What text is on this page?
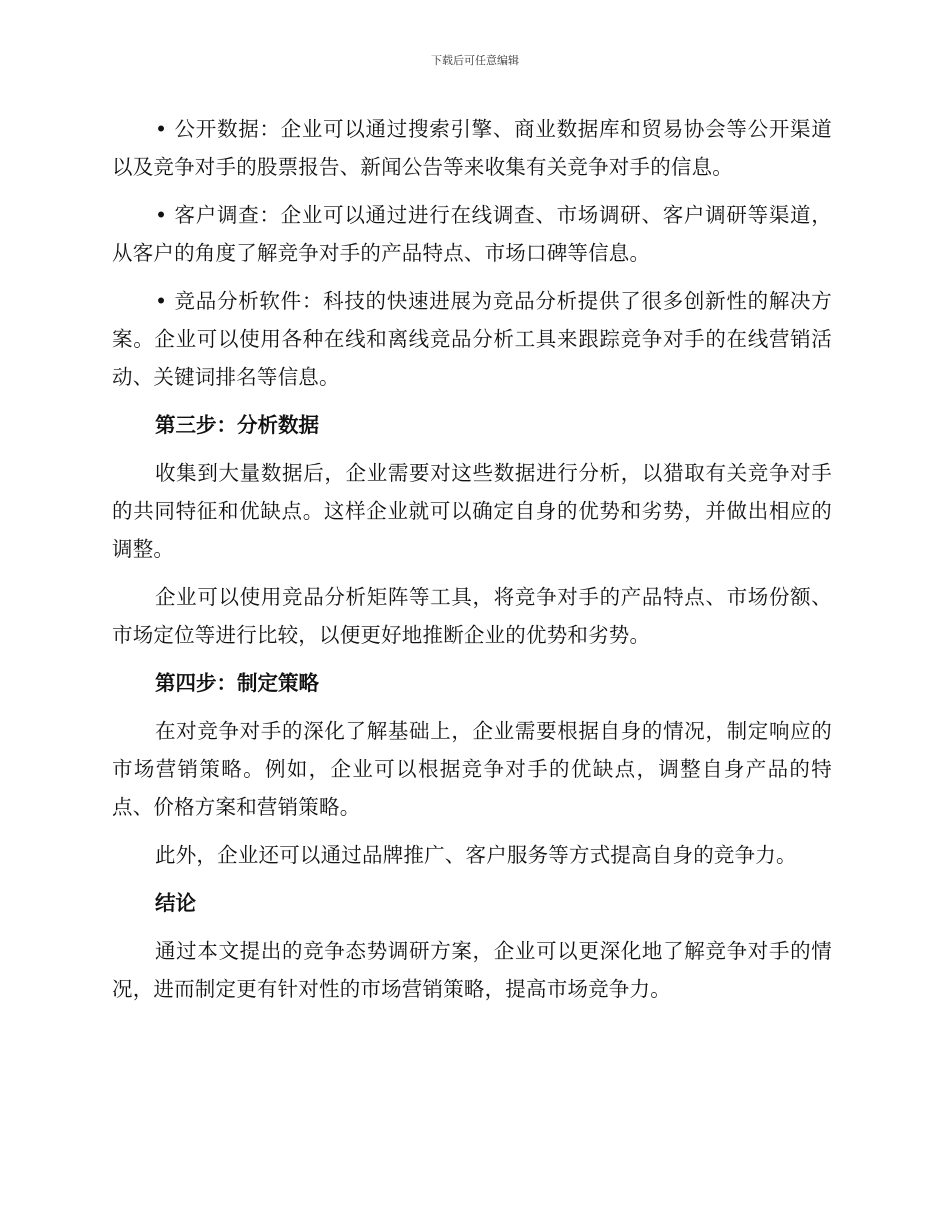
下载后可任意编辑

• 公开数据：企业可以通过搜索引擎、商业数据库和贸易协会等公开渠道以及竞争对手的股票报告、新闻公告等来收集有关竞争对手的信息。

• 客户调查：企业可以通过进行在线调查、市场调研、客户调研等渠道，从客户的角度了解竞争对手的产品特点、市场口碑等信息。

• 竞品分析软件：科技的快速进展为竞品分析提供了很多创新性的解决方案。企业可以使用各种在线和离线竞品分析工具来跟踪竞争对手的在线营销活动、关键词排名等信息。

第三步：分析数据

收集到大量数据后，企业需要对这些数据进行分析，以猎取有关竞争对手的共同特征和优缺点。这样企业就可以确定自身的优势和劣势，并做出相应的调整。

企业可以使用竞品分析矩阵等工具，将竞争对手的产品特点、市场份额、市场定位等进行比较，以便更好地推断企业的优势和劣势。

第四步：制定策略

在对竞争对手的深化了解基础上，企业需要根据自身的情况，制定响应的市场营销策略。例如，企业可以根据竞争对手的优缺点，调整自身产品的特点、价格方案和营销策略。

此外，企业还可以通过品牌推广、客户服务等方式提高自身的竞争力。

结论

通过本文提出的竞争态势调研方案，企业可以更深化地了解竞争对手的情况，进而制定更有针对性的市场营销策略，提高市场竞争力。
